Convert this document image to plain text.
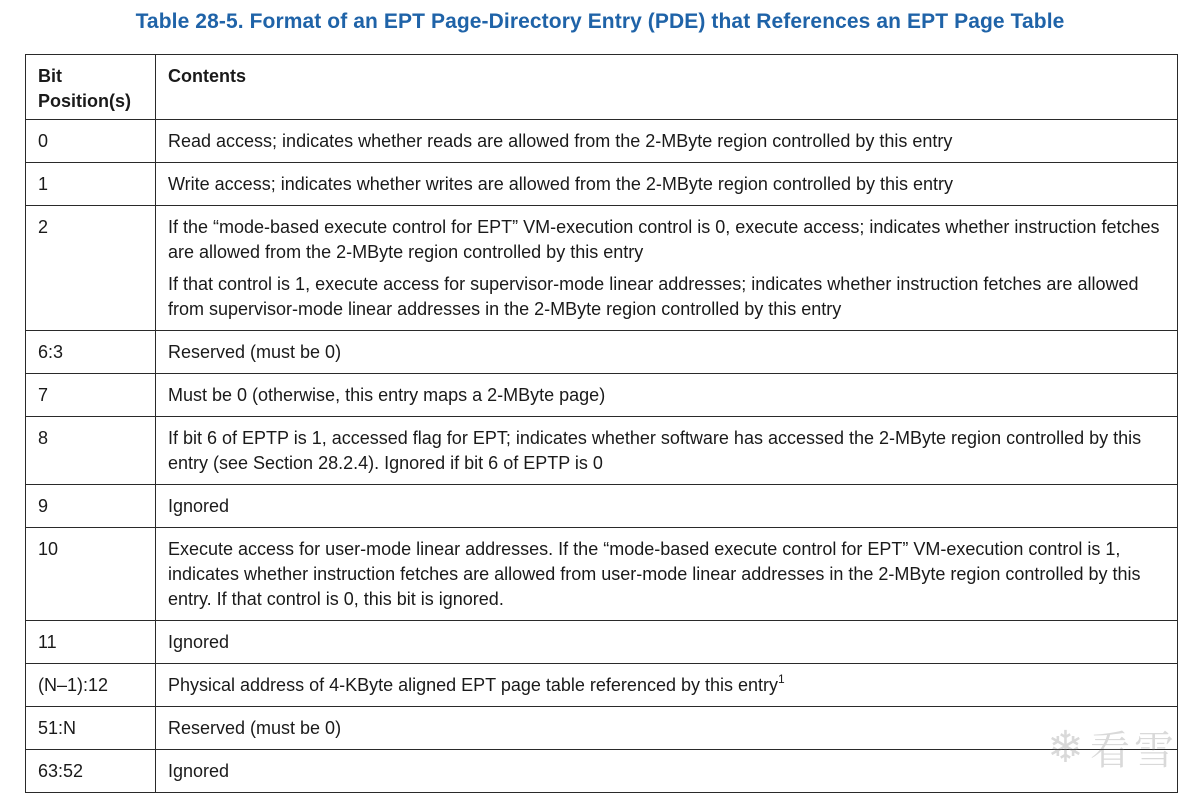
Table 28-5. Format of an EPT Page-Directory Entry (PDE) that References an EPT Page Table
Bit Position(s)	Contents
0	Read access; indicates whether reads are allowed from the 2-MByte region controlled by this entry

1	Write access; indicates whether writes are allowed from the 2-MByte region controlled by this entry

2	If the “mode-based execute control for EPT” VM-execution control is 0, execute access; indicates whether instruction fetches are allowed from the 2-MByte region controlled by this entry

If that control is 1, execute access for supervisor-mode linear addresses; indicates whether instruction fetches are allowed from supervisor-mode linear addresses in the 2-MByte region controlled by this entry

6:3	Reserved (must be 0)

7	Must be 0 (otherwise, this entry maps a 2-MByte page)

8	If bit 6 of EPTP is 1, accessed flag for EPT; indicates whether software has accessed the 2-MByte region controlled by this entry (see Section 28.2.4). Ignored if bit 6 of EPTP is 0

9	Ignored

10	Execute access for user-mode linear addresses. If the “mode-based execute control for EPT” VM-execution control is 1, indicates whether instruction fetches are allowed from user-mode linear addresses in the 2-MByte region controlled by this entry. If that control is 0, this bit is ignored.

11	Ignored

(N–1):12	Physical address of 4-KByte aligned EPT page table referenced by this entry$^1$

51:N	Reserved (must be 0)

63:52	Ignored	❄ 看雪
